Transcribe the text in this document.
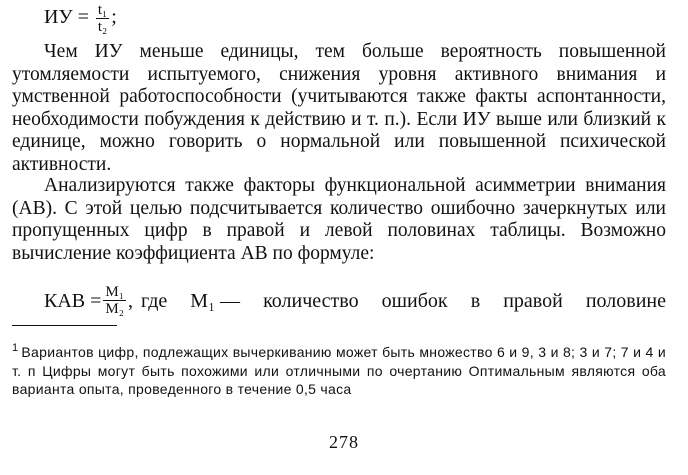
ИУ = $\frac{\text{t₁}}{\text{t₂}}$ ;

Чем ИУ меньше единицы, тем больше вероятность повышенной утомляемости испытуемого, снижения уровня активного внимания и умственной работоспособности (учитываются также факты аспонтанности, необходимости побуждения к действию и т. п.). Если ИУ выше или близкий к единице, можно говорить о нормальной или повышенной психической активности.

Анализируются также факторы функциональной асимметрии внимания (АВ). С этой целью подсчитывается количество ошибочно зачеркнутых или пропущенных цифр в правой и левой половинах таблицы. Возможно вычисление коэффициента АВ по формуле:

КАВ = $\frac{\text{M₁}}{\text{M₂}}$ , где M₁ — количество ошибок в правой половине

$^1$ Вариантов цифр, подлежащих вычеркиванию может быть множество 6 и 9, 3 и 8; 3 и 7; 7 и 4 и т. п Цифры могут быть похожими или отличными по очертанию Оптимальным являются оба варианта опыта, проведенного в течение 0,5 часа

278
